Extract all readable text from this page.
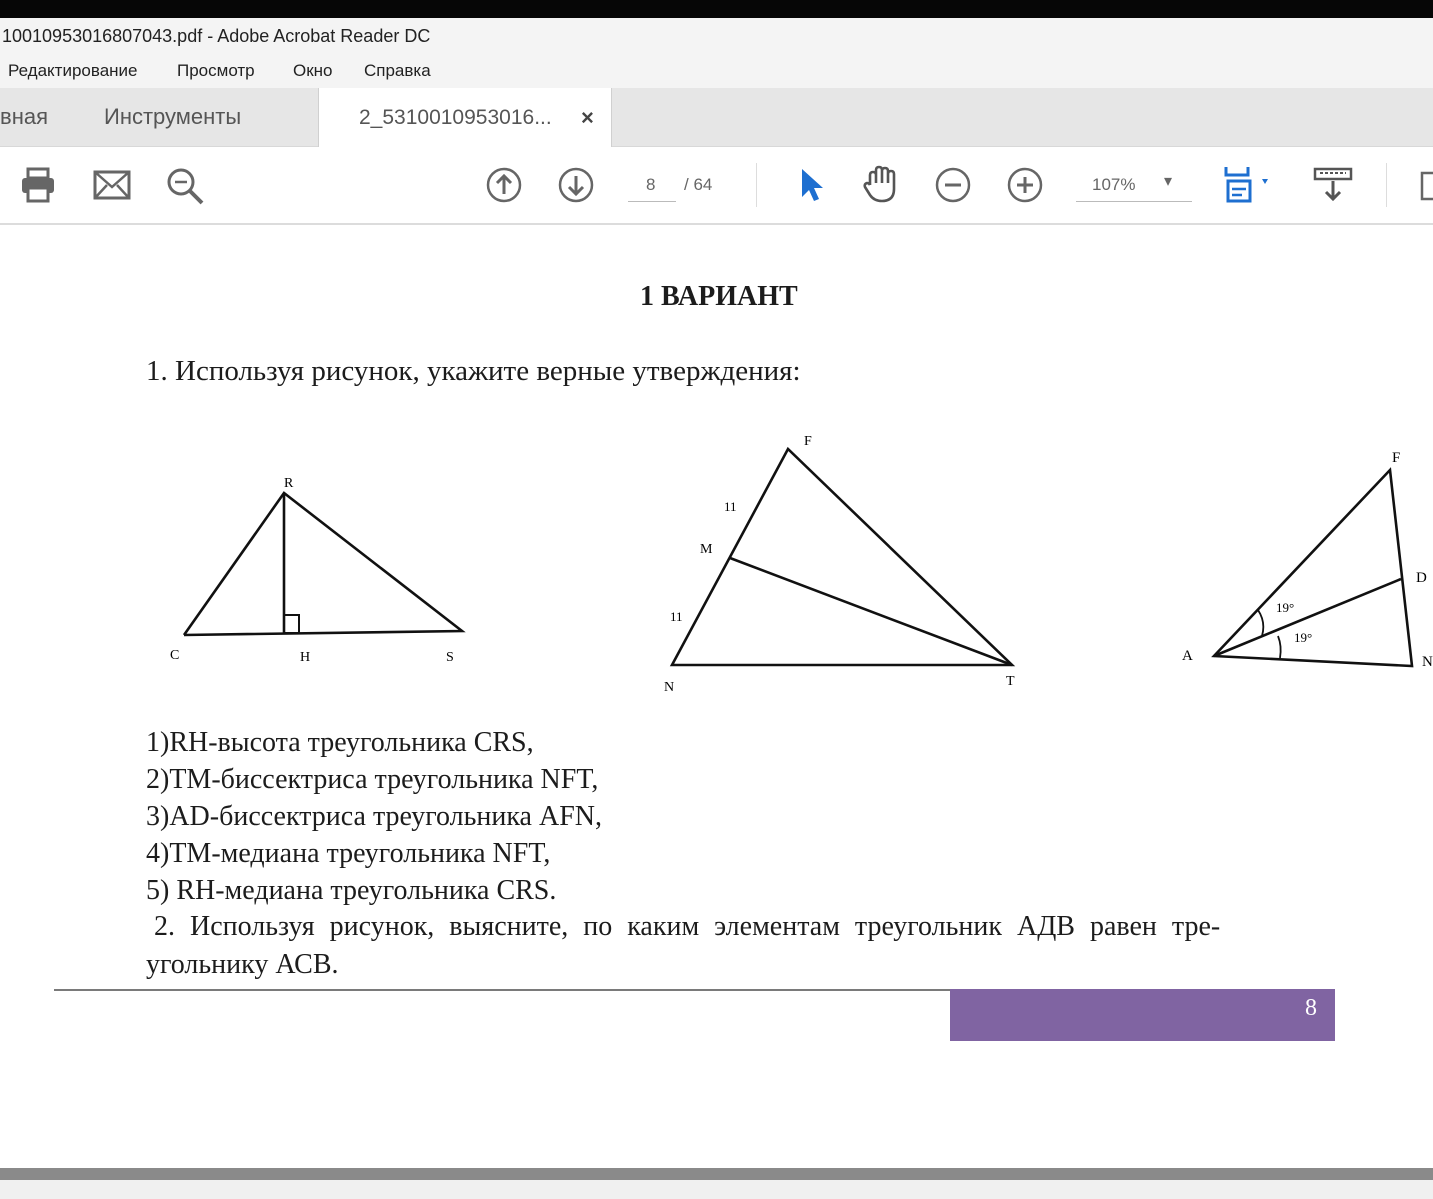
100109530168070​43.pdf - Adobe Acrobat Reader DC
Редактирование Просмотр Окно Справка
вная	Инструменты	2_5310010953016... ×
8 / 64	107% ▾
1 ВАРИАНТ
1. Используя рисунок, укажите верные утверждения:
R
C	H	S
F
11
M
11
N	T
F
D
A	N
19°
19°
1)RH-высота треугольника CRS,
2)TM-биссектриса треугольника NFT,
3)AD-биссектриса треугольника AFN,
4)TM-медиана треугольника NFT,
5) RH-медиана треугольника CRS.
2. Используя рисунок, выясните, по каким элементам треугольник АДВ равен тре-
угольнику АСВ.
8
